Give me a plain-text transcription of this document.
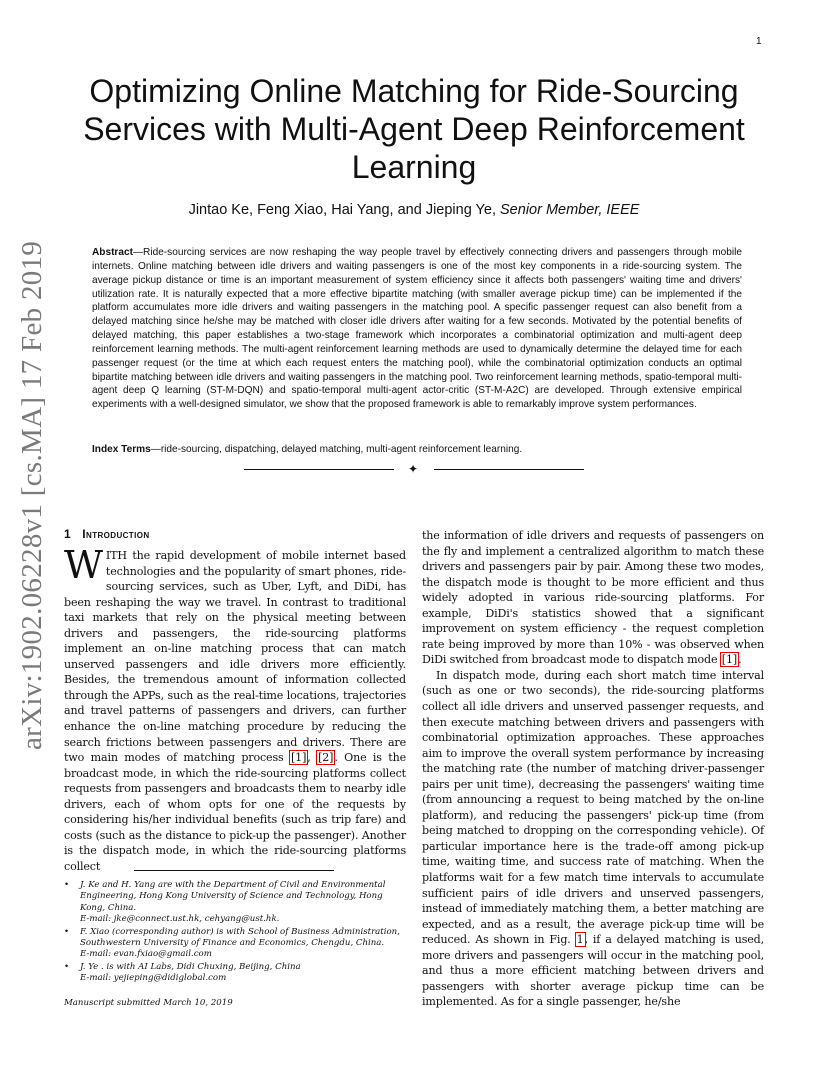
1
arXiv:1902.06228v1 [cs.MA] 17 Feb 2019
Optimizing Online Matching for Ride-Sourcing Services with Multi-Agent Deep Reinforcement Learning
Jintao Ke, Feng Xiao, Hai Yang, and Jieping Ye, Senior Member, IEEE
Abstract—Ride-sourcing services are now reshaping the way people travel by effectively connecting drivers and passengers through mobile internets. Online matching between idle drivers and waiting passengers is one of the most key components in a ride-sourcing system. The average pickup distance or time is an important measurement of system efficiency since it affects both passengers' waiting time and drivers' utilization rate. It is naturally expected that a more effective bipartite matching (with smaller average pickup time) can be implemented if the platform accumulates more idle drivers and waiting passengers in the matching pool. A specific passenger request can also benefit from a delayed matching since he/she may be matched with closer idle drivers after waiting for a few seconds. Motivated by the potential benefits of delayed matching, this paper establishes a two-stage framework which incorporates a combinatorial optimization and multi-agent deep reinforcement learning methods. The multi-agent reinforcement learning methods are used to dynamically determine the delayed time for each passenger request (or the time at which each request enters the matching pool), while the combinatorial optimization conducts an optimal bipartite matching between idle drivers and waiting passengers in the matching pool. Two reinforcement learning methods, spatio-temporal multi-agent deep Q learning (ST-M-DQN) and spatio-temporal multi-agent actor-critic (ST-M-A2C) are developed. Through extensive empirical experiments with a well-designed simulator, we show that the proposed framework is able to remarkably improve system performances.
Index Terms—ride-sourcing, dispatching, delayed matching, multi-agent reinforcement learning.
✦
1 Introduction

WITH the rapid development of mobile internet based technologies and the popularity of smart phones, ride-sourcing services, such as Uber, Lyft, and DiDi, has been reshaping the way we travel. In contrast to traditional taxi markets that rely on the physical meeting between drivers and passengers, the ride-sourcing platforms implement an on-line matching process that can match unserved passengers and idle drivers more efficiently. Besides, the tremendous amount of information collected through the APPs, such as the real-time locations, trajectories and travel patterns of passengers and drivers, can further enhance the on-line matching procedure by reducing the search frictions between passengers and drivers. There are two main modes of matching process [1], [2]. One is the broadcast mode, in which the ride-sourcing platforms collect requests from passengers and broadcasts them to nearby idle drivers, each of whom opts for one of the requests by considering his/her individual benefits (such as trip fare) and costs (such as the distance to pick-up the passenger). Another is the dispatch mode, in which the ride-sourcing platforms collect

the information of idle drivers and requests of passengers on the fly and implement a centralized algorithm to match these drivers and passengers pair by pair. Among these two modes, the dispatch mode is thought to be more efficient and thus widely adopted in various ride-sourcing platforms. For example, DiDi's statistics showed that a significant improvement on system efficiency - the request completion rate being improved by more than 10% - was observed when DiDi switched from broadcast mode to dispatch mode [1].

In dispatch mode, during each short match time interval (such as one or two seconds), the ride-sourcing platforms collect all idle drivers and unserved passenger requests, and then execute matching between drivers and passengers with combinatorial optimization approaches. These approaches aim to improve the overall system performance by increasing the matching rate (the number of matching driver-passenger pairs per unit time), decreasing the passengers' waiting time (from announcing a request to being matched by the on-line platform), and reducing the passengers' pick-up time (from being matched to dropping on the corresponding vehicle). Of particular importance here is the trade-off among pick-up time, waiting time, and success rate of matching. When the platforms wait for a few match time intervals to accumulate sufficient pairs of idle drivers and unserved passengers, instead of immediately matching them, a better matching are expected, and as a result, the average pick-up time will be reduced. As shown in Fig. 1, if a delayed matching is used, more drivers and passengers will occur in the matching pool, and thus a more efficient matching between drivers and passengers with shorter average pickup time can be implemented. As for a single passenger, he/she

• J. Ke and H. Yang are with the Department of Civil and Environmental Engineering, Hong Kong University of Science and Technology, Hong Kong, China.
E-mail: jke@connect.ust.hk, cehyang@ust.hk.
• F. Xiao (corresponding author) is with School of Business Administration, Southwestern University of Finance and Economics, Chengdu, China.
E-mail: evan.fxiao@gmail.com
• J. Ye . is with AI Labs, Didi Chuxing, Beijing, China
E-mail: yejieping@didiglobal.com
Manuscript submitted March 10, 2019
